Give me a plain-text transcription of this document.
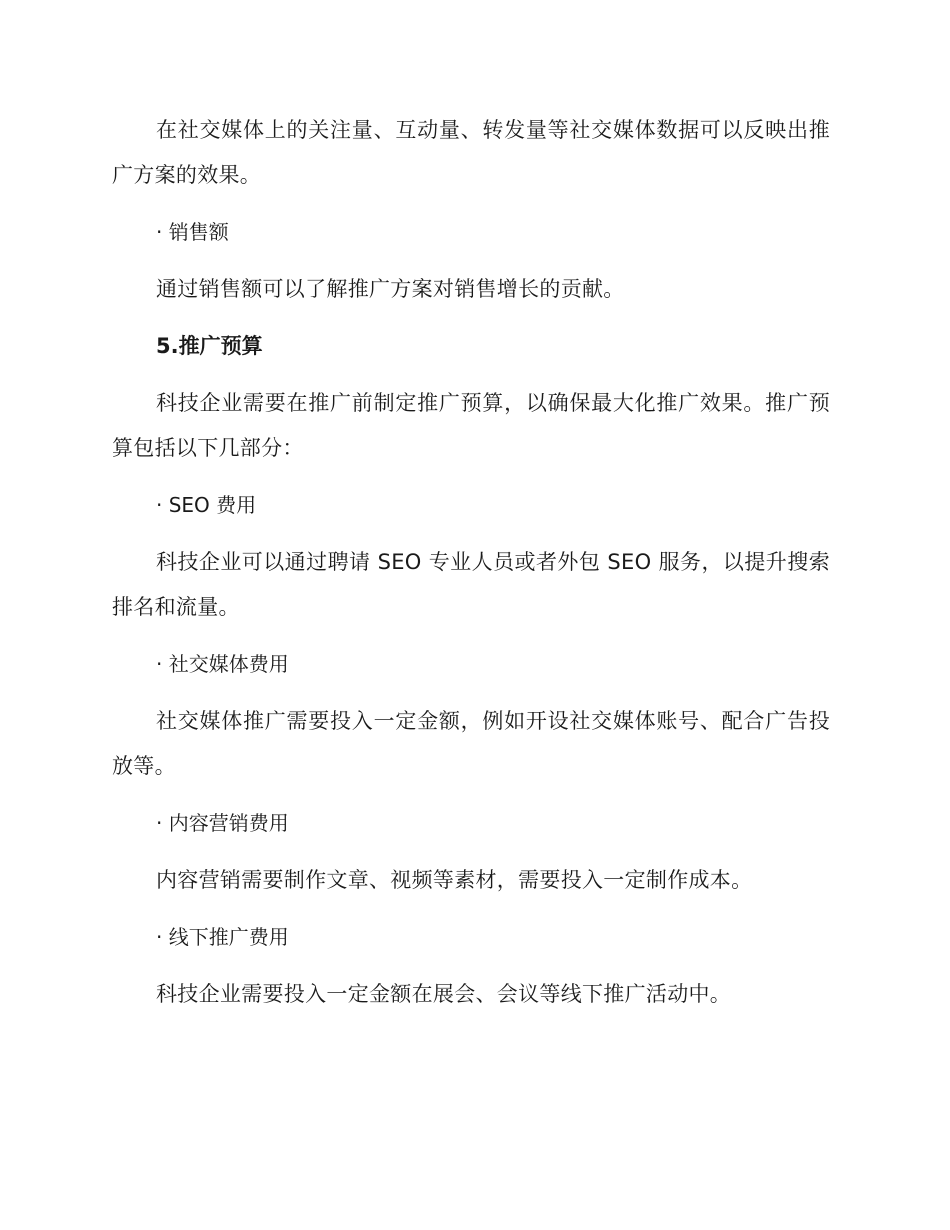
在社交媒体上的关注量、互动量、转发量等社交媒体数据可以反映出推广方案的效果。

· 销售额

通过销售额可以了解推广方案对销售增长的贡献。

5.推广预算

科技企业需要在推广前制定推广预算，以确保最大化推广效果。推广预算包括以下几部分：

· SEO 费用

科技企业可以通过聘请 SEO 专业人员或者外包 SEO 服务，以提升搜索排名和流量。

· 社交媒体费用

社交媒体推广需要投入一定金额，例如开设社交媒体账号、配合广告投放等。

· 内容营销费用

内容营销需要制作文章、视频等素材，需要投入一定制作成本。

· 线下推广费用

科技企业需要投入一定金额在展会、会议等线下推广活动中。
